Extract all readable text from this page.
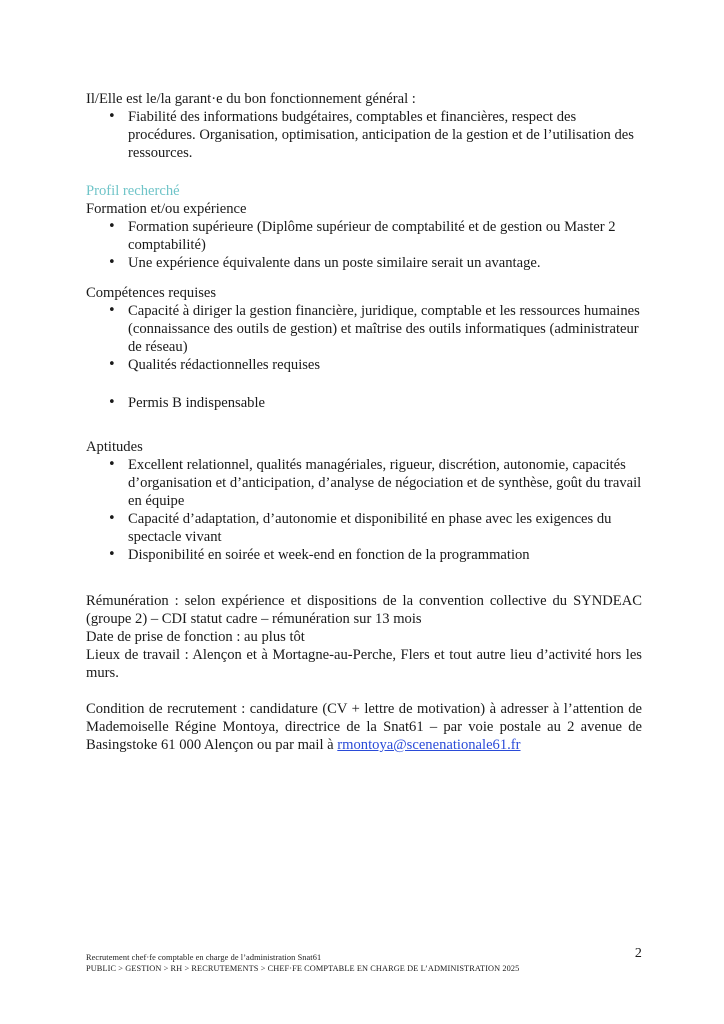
Il/Elle est le/la garant·e du bon fonctionnement général :

• Fiabilité des informations budgétaires, comptables et financières, respect des procédures. Organisation, optimisation, anticipation de la gestion et de l’utilisation des ressources.

Profil recherché

Formation et/ou expérience

• Formation supérieure (Diplôme supérieur de comptabilité et de gestion ou Master 2 comptabilité)
• Une expérience équivalente dans un poste similaire serait un avantage.

Compétences requises

• Capacité à diriger la gestion financière, juridique, comptable et les ressources humaines (connaissance des outils de gestion) et maîtrise des outils informatiques (administrateur de réseau)
• Qualités rédactionnelles requises
• Permis B indispensable

Aptitudes

• Excellent relationnel, qualités managériales, rigueur, discrétion, autonomie, capacités d’organisation et d’anticipation, d’analyse de négociation et de synthèse, goût du travail en équipe
• Capacité d’adaptation, d’autonomie et disponibilité en phase avec les exigences du spectacle vivant
• Disponibilité en soirée et week-end en fonction de la programmation

Rémunération : selon expérience et dispositions de la convention collective du SYNDEAC (groupe 2) – CDI statut cadre – rémunération sur 13 mois

Date de prise de fonction : au plus tôt

Lieux de travail : Alençon et à Mortagne-au-Perche, Flers et tout autre lieu d’activité hors les murs.

Condition de recrutement : candidature (CV + lettre de motivation) à adresser à l’attention de Mademoiselle Régine Montoya, directrice de la Snat61 – par voie postale au 2 avenue de Basingstoke 61 000 Alençon ou par mail à rmontoya@scenenationale61.fr

Recrutement chef·fe comptable en charge de l’administration Snat61
PUBLIC > GESTION > RH > RECRUTEMENTS > CHEF·FE COMPTABLE EN CHARGE DE L’ADMINISTRATION 2025
2
